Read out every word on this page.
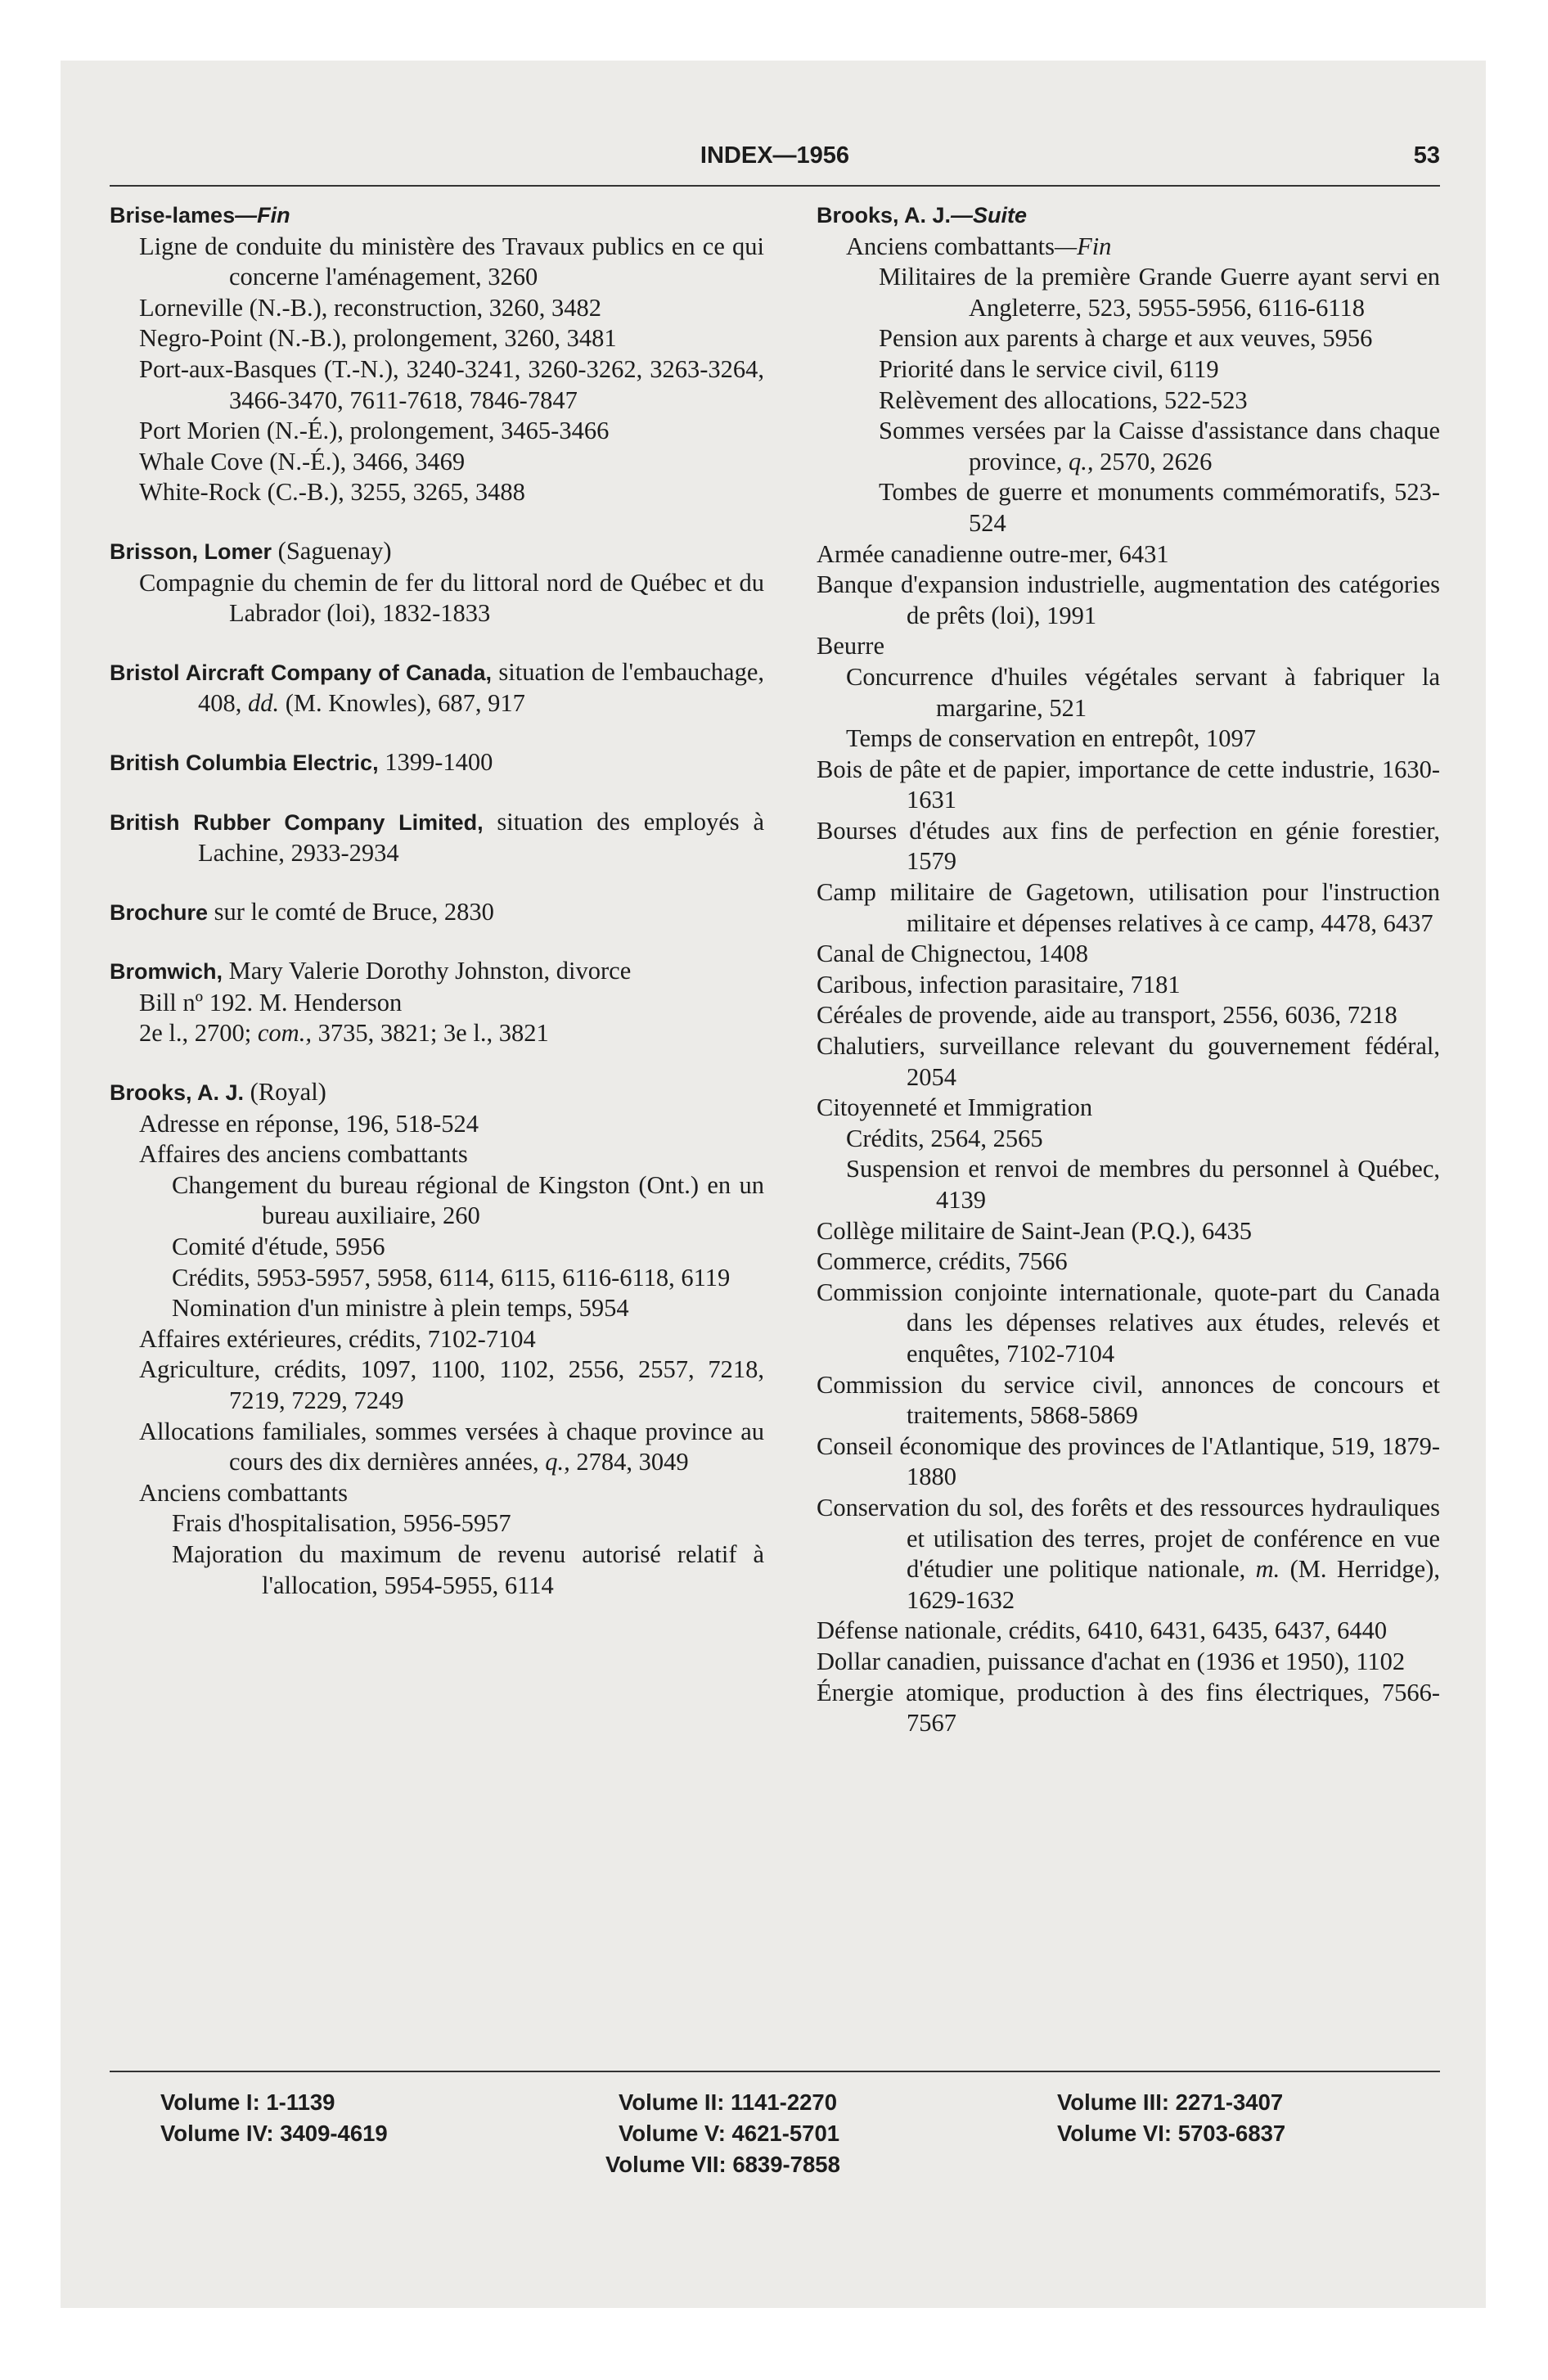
INDEX—1956	53
Brise-lames—Fin
Ligne de conduite du ministère des Travaux publics en ce qui concerne l'aménagement, 3260
Lorneville (N.-B.), reconstruction, 3260, 3482
Negro-Point (N.-B.), prolongement, 3260, 3481
Port-aux-Basques (T.-N.), 3240-3241, 3260-3262, 3263-3264, 3466-3470, 7611-7618, 7846-7847
Port Morien (N.-É.), prolongement, 3465-3466
Whale Cove (N.-É.), 3466, 3469
White-Rock (C.-B.), 3255, 3265, 3488
Brisson, Lomer (Saguenay)
Compagnie du chemin de fer du littoral nord de Québec et du Labrador (loi), 1832-1833
Bristol Aircraft Company of Canada, situation de l'embauchage, 408, dd. (M. Knowles), 687, 917
British Columbia Electric, 1399-1400
British Rubber Company Limited, situation des employés à Lachine, 2933-2934
Brochure sur le comté de Bruce, 2830
Bromwich, Mary Valerie Dorothy Johnston, divorce
Bill nº 192. M. Henderson
2e l., 2700; com., 3735, 3821; 3e l., 3821
Brooks, A. J. (Royal)
Adresse en réponse, 196, 518-524
Affaires des anciens combattants
Changement du bureau régional de Kingston (Ont.) en un bureau auxiliaire, 260
Comité d'étude, 5956
Crédits, 5953-5957, 5958, 6114, 6115, 6116-6118, 6119
Nomination d'un ministre à plein temps, 5954
Affaires extérieures, crédits, 7102-7104
Agriculture, crédits, 1097, 1100, 1102, 2556, 2557, 7218, 7219, 7229, 7249
Allocations familiales, sommes versées à chaque province au cours des dix dernières années, q., 2784, 3049
Anciens combattants
Frais d'hospitalisation, 5956-5957
Majoration du maximum de revenu autorisé relatif à l'allocation, 5954-5955, 6114
Brooks, A. J.—Suite
Anciens combattants—Fin
Militaires de la première Grande Guerre ayant servi en Angleterre, 523, 5955-5956, 6116-6118
Pension aux parents à charge et aux veuves, 5956
Priorité dans le service civil, 6119
Relèvement des allocations, 522-523
Sommes versées par la Caisse d'assistance dans chaque province, q., 2570, 2626
Tombes de guerre et monuments commémoratifs, 523-524
Armée canadienne outre-mer, 6431
Banque d'expansion industrielle, augmentation des catégories de prêts (loi), 1991
Beurre
Concurrence d'huiles végétales servant à fabriquer la margarine, 521
Temps de conservation en entrepôt, 1097
Bois de pâte et de papier, importance de cette industrie, 1630-1631
Bourses d'études aux fins de perfection en génie forestier, 1579
Camp militaire de Gagetown, utilisation pour l'instruction militaire et dépenses relatives à ce camp, 4478, 6437
Canal de Chignectou, 1408
Caribous, infection parasitaire, 7181
Céréales de provende, aide au transport, 2556, 6036, 7218
Chalutiers, surveillance relevant du gouvernement fédéral, 2054
Citoyenneté et Immigration
Crédits, 2564, 2565
Suspension et renvoi de membres du personnel à Québec, 4139
Collège militaire de Saint-Jean (P.Q.), 6435
Commerce, crédits, 7566
Commission conjointe internationale, quote-part du Canada dans les dépenses relatives aux études, relevés et enquêtes, 7102-7104
Commission du service civil, annonces de concours et traitements, 5868-5869
Conseil économique des provinces de l'Atlantique, 519, 1879-1880
Conservation du sol, des forêts et des ressources hydrauliques et utilisation des terres, projet de conférence en vue d'étudier une politique nationale, m. (M. Herridge), 1629-1632
Défense nationale, crédits, 6410, 6431, 6435, 6437, 6440
Dollar canadien, puissance d'achat en (1936 et 1950), 1102
Énergie atomique, production à des fins électriques, 7566-7567
Volume I: 1-1139
Volume IV: 3409-4619
Volume II: 1141-2270
Volume V: 4621-5701
Volume VII: 6839-7858
Volume III: 2271-3407
Volume VI: 5703-6837
